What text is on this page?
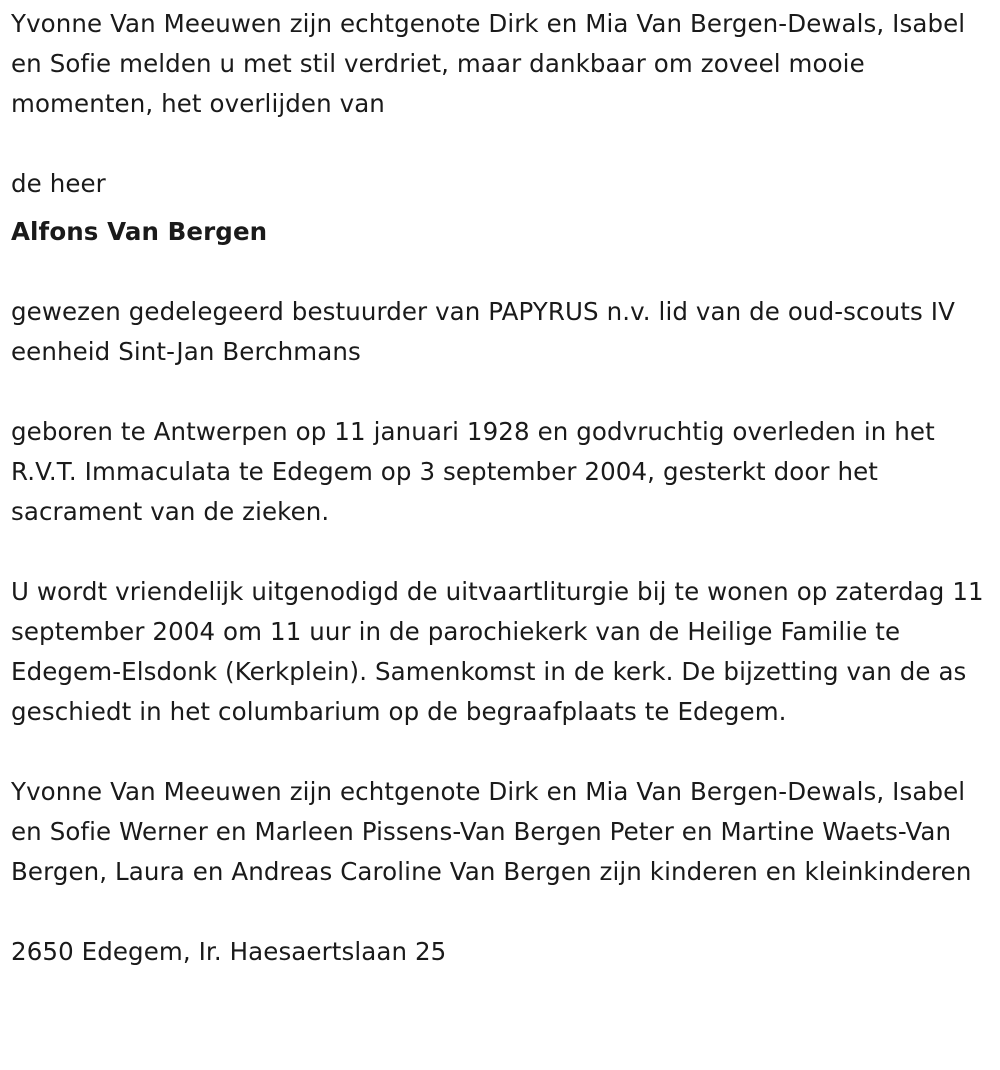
Yvonne Van Meeuwen zijn echtgenote Dirk en Mia Van Bergen-Dewals, Isabel en Sofie melden u met stil verdriet, maar dankbaar om zoveel mooie momenten, het overlijden van

de heer

Alfons Van Bergen

gewezen gedelegeerd bestuurder van PAPYRUS n.v. lid van de oud-scouts IV eenheid Sint-Jan Berchmans

geboren te Antwerpen op 11 januari 1928 en godvruchtig overleden in het R.V.T. Immaculata te Edegem op 3 september 2004, gesterkt door het sacrament van de zieken.

U wordt vriendelijk uitgenodigd de uitvaartliturgie bij te wonen op zaterdag 11 september 2004 om 11 uur in de parochiekerk van de Heilige Familie te Edegem-Elsdonk (Kerkplein). Samenkomst in de kerk. De bijzetting van de as geschiedt in het columbarium op de begraafplaats te Edegem.

Yvonne Van Meeuwen zijn echtgenote Dirk en Mia Van Bergen-Dewals, Isabel en Sofie Werner en Marleen Pissens-Van Bergen Peter en Martine Waets-Van Bergen, Laura en Andreas Caroline Van Bergen zijn kinderen en kleinkinderen

2650 Edegem, Ir. Haesaertslaan 25
